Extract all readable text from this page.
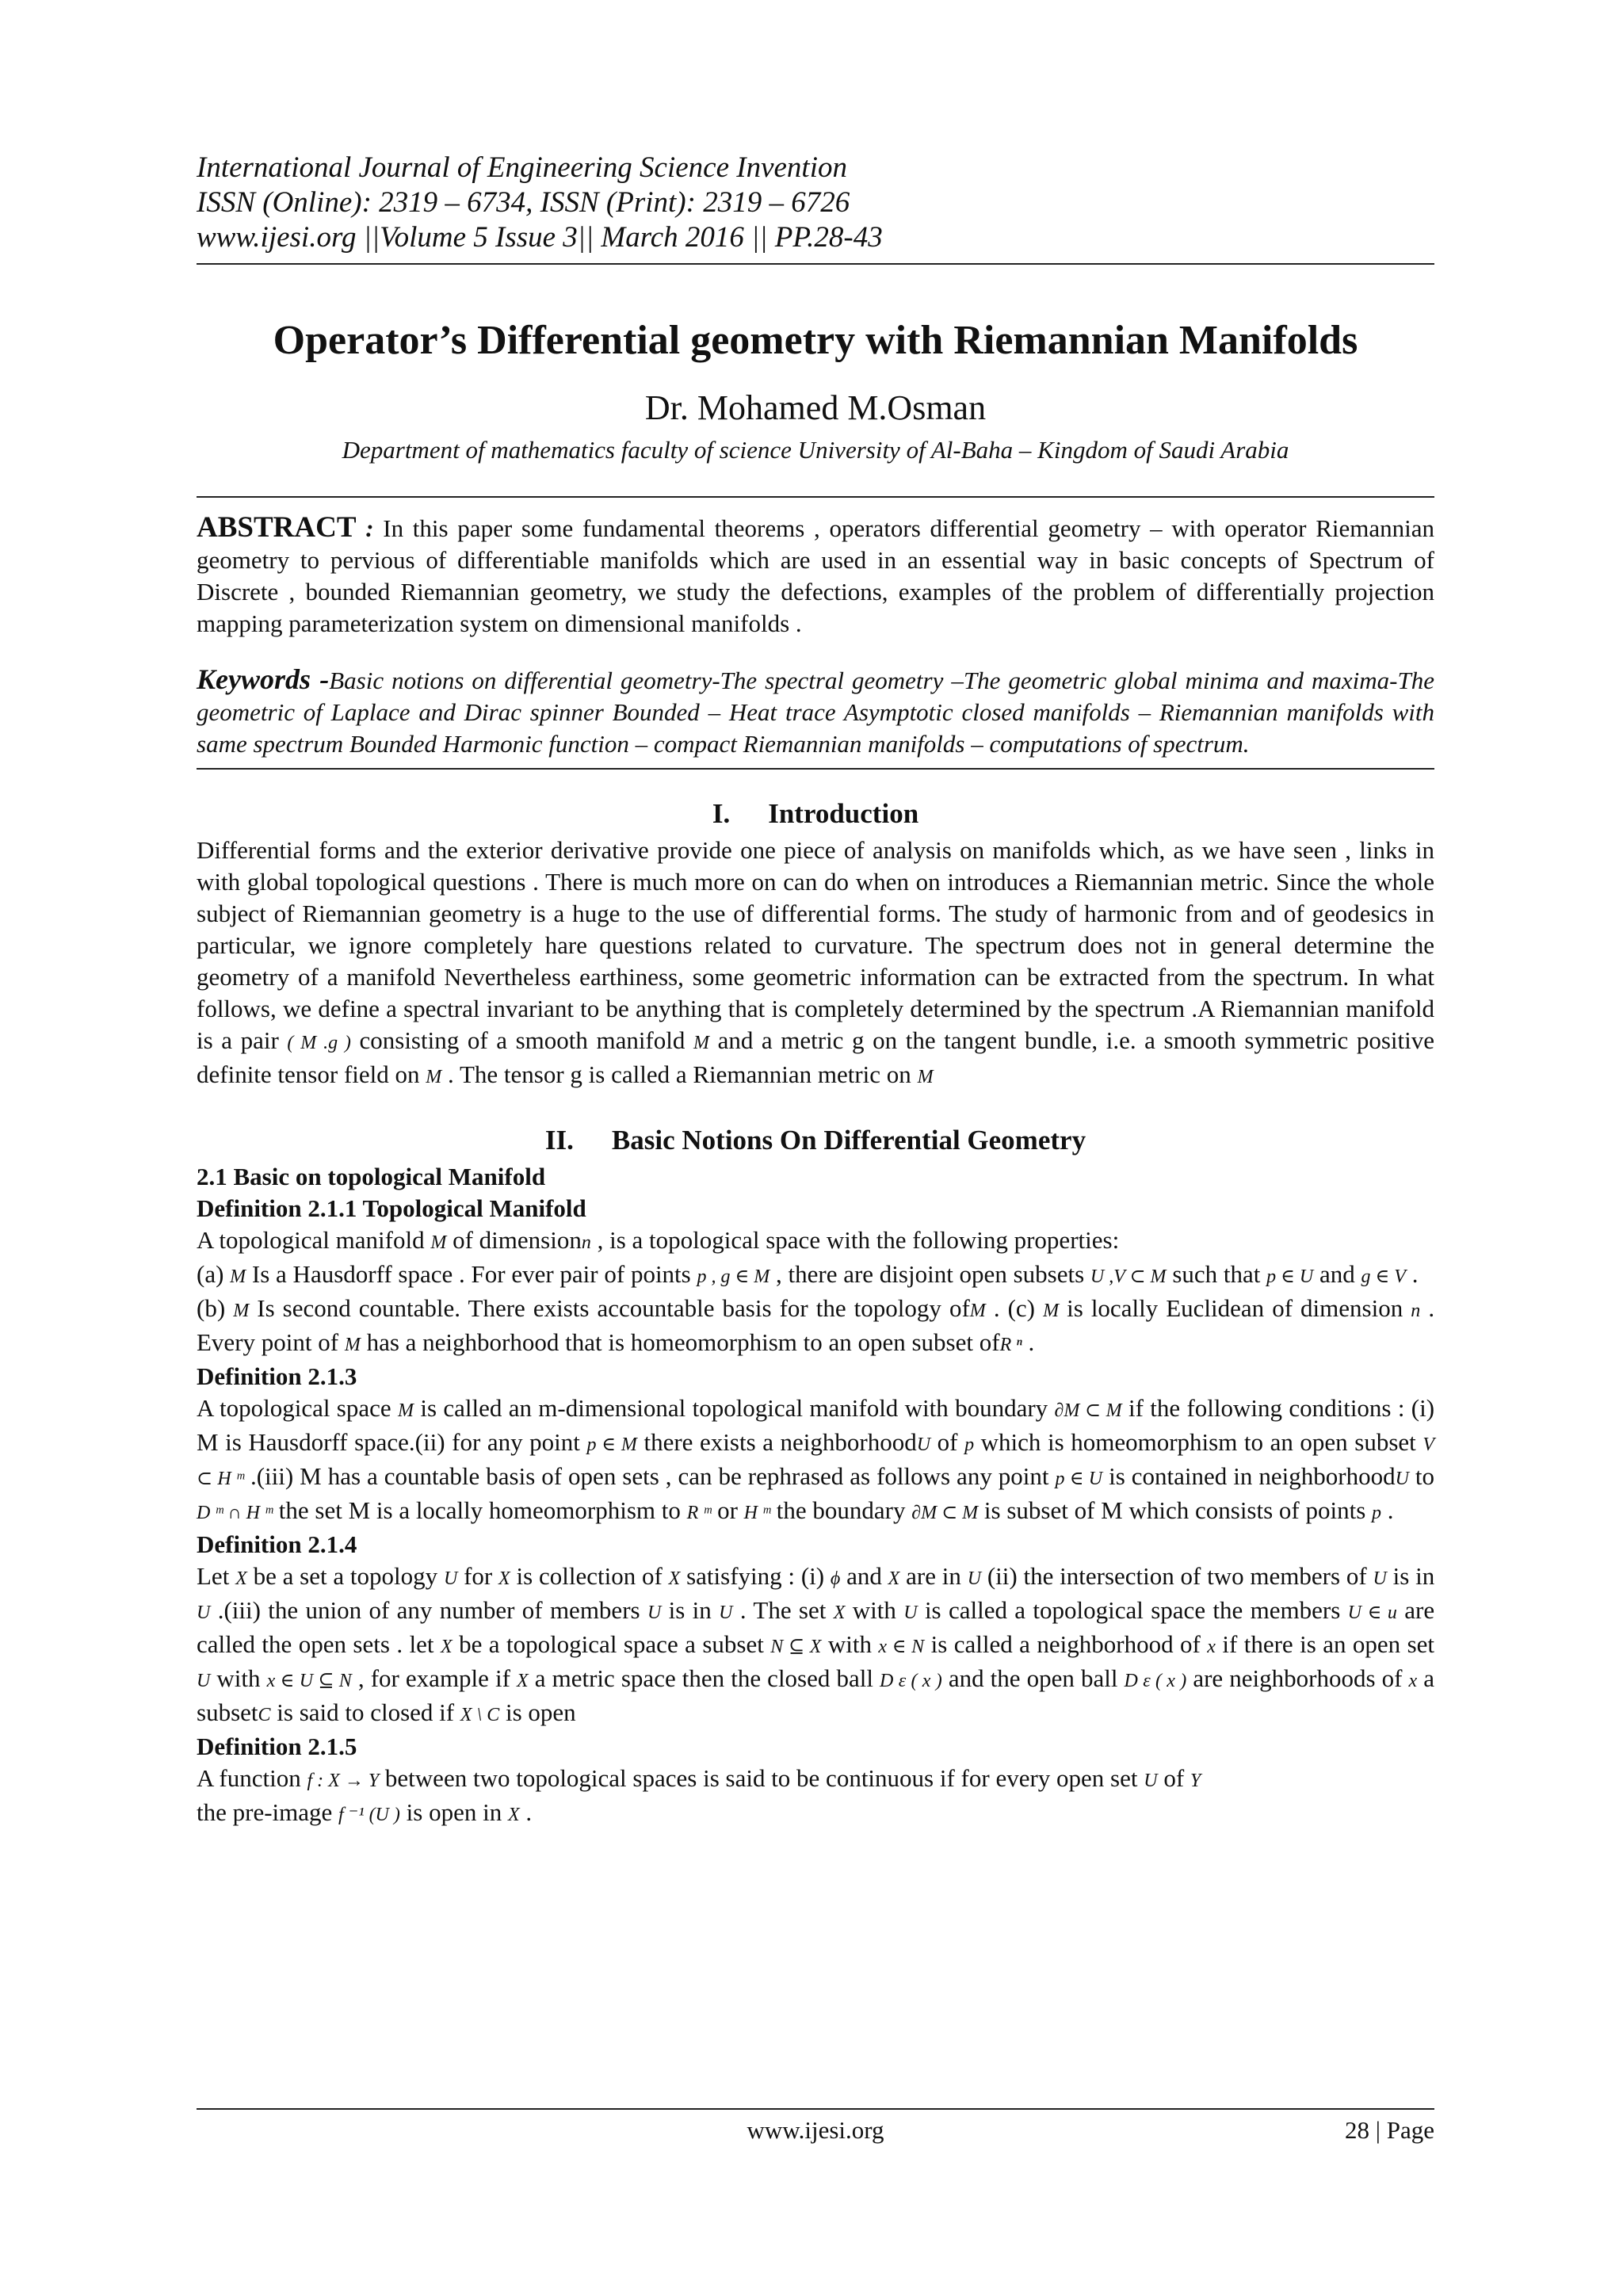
International Journal of Engineering Science Invention
ISSN (Online): 2319 – 6734, ISSN (Print): 2319 – 6726
www.ijesi.org ||Volume 5 Issue 3|| March 2016 || PP.28-43
Operator’s Differential geometry with Riemannian Manifolds
Dr. Mohamed M.Osman
Department of mathematics faculty of science University of Al-Baha – Kingdom of Saudi Arabia

ABSTRACT : In this paper some fundamental theorems , operators differential geometry – with operator Riemannian geometry to pervious of differentiable manifolds which are used in an essential way in basic concepts of Spectrum of Discrete , bounded Riemannian geometry, we study the defections, examples of the problem of differentially projection mapping parameterization system on dimensional manifolds .

Keywords -Basic notions on differential geometry-The spectral geometry –The geometric global minima and maxima-The geometric of Laplace and Dirac spinner Bounded – Heat trace Asymptotic closed manifolds – Riemannian manifolds with same spectrum Bounded Harmonic function – compact Riemannian manifolds – computations of spectrum.

I. Introduction

Differential forms and the exterior derivative provide one piece of analysis on manifolds which, as we have seen , links in with global topological questions . There is much more on can do when on introduces a Riemannian metric. Since the whole subject of Riemannian geometry is a huge to the use of differential forms. The study of harmonic from and of geodesics in particular, we ignore completely hare questions related to curvature. The spectrum does not in general determine the geometry of a manifold Nevertheless earthiness, some geometric information can be extracted from the spectrum. In what follows, we define a spectral invariant to be anything that is completely determined by the spectrum .A Riemannian manifold is a pair ( M .g ) consisting of a smooth manifold M and a metric g on the tangent bundle, i.e. a smooth symmetric positive definite tensor field on M . The tensor g is called a Riemannian metric on M

II. Basic Notions On Differential Geometry
2.1 Basic on topological Manifold
Definition 2.1.1 Topological Manifold

A topological manifold M of dimensionn , is a topological space with the following properties:
(a) M Is a Hausdorff space . For ever pair of points p , g ∈ M , there are disjoint open subsets U ,V ⊂ M such that p ∈ U and g ∈ V .
(b) M Is second countable. There exists accountable basis for the topology ofM . (c) M is locally Euclidean of dimension n . Every point of M has a neighborhood that is homeomorphism to an open subset ofR ⁿ .

Definition 2.1.3

A topological space M is called an m-dimensional topological manifold with boundary ∂M ⊂ M if the following conditions : (i) M is Hausdorff space.(ii) for any point p ∈ M there exists a neighborhoodU of p which is homeomorphism to an open subset V ⊂ H ᵐ .(iii) M has a countable basis of open sets , can be rephrased as follows any point p ∈ U is contained in neighborhoodU to D ᵐ ∩ H ᵐ the set M is a locally homeomorphism to R ᵐ or H ᵐ the boundary ∂M ⊂ M is subset of M which consists of points p .

Definition 2.1.4

Let X be a set a topology U for X is collection of X satisfying : (i) ϕ and X are in U (ii) the intersection of two members of U is in U .(iii) the union of any number of members U is in U . The set X with U is called a topological space the members U ∈ u are called the open sets . let X be a topological space a subset N ⊆ X with x ∈ N is called a neighborhood of x if there is an open set U with x ∈ U ⊆ N , for example if X a metric space then the closed ball D ε ( x ) and the open ball D ε ( x ) are neighborhoods of x a subsetC is said to closed if X \ C is open

Definition 2.1.5

A function f : X → Y between two topological spaces is said to be continuous if for every open set U of Y
the pre-image f ⁻¹ (U ) is open in X .

www.ijesi.org	28 | Page
